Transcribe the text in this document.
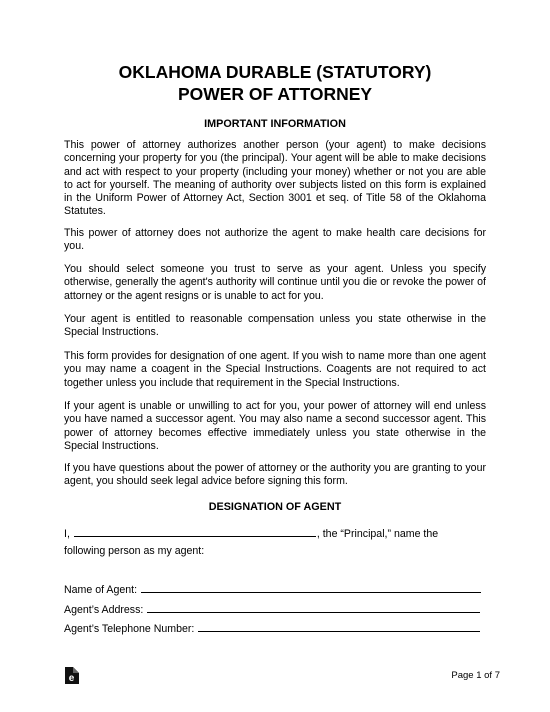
OKLAHOMA DURABLE (STATUTORY)

POWER OF ATTORNEY

IMPORTANT INFORMATION

This power of attorney authorizes another person (your agent) to make decisions concerning your property for you (the principal). Your agent will be able to make decisions and act with respect to your property (including your money) whether or not you are able to act for yourself. The meaning of authority over subjects listed on this form is explained in the Uniform Power of Attorney Act, Section 3001 et seq. of Title 58 of the Oklahoma Statutes.

This power of attorney does not authorize the agent to make health care decisions for you.

You should select someone you trust to serve as your agent. Unless you specify otherwise, generally the agent's authority will continue until you die or revoke the power of attorney or the agent resigns or is unable to act for you.

Your agent is entitled to reasonable compensation unless you state otherwise in the Special Instructions.

This form provides for designation of one agent. If you wish to name more than one agent you may name a coagent in the Special Instructions. Coagents are not required to act together unless you include that requirement in the Special Instructions.

If your agent is unable or unwilling to act for you, your power of attorney will end unless you have named a successor agent. You may also name a second successor agent. This power of attorney becomes effective immediately unless you state otherwise in the Special Instructions.

If you have questions about the power of attorney or the authority you are granting to your agent, you should seek legal advice before signing this form.

DESIGNATION OF AGENT

I,	, the “Principal,” name the
following person as my agent:
Name of Agent:
Agent’s Address:
Agent’s Telephone Number:
e	Page 1 of 7
